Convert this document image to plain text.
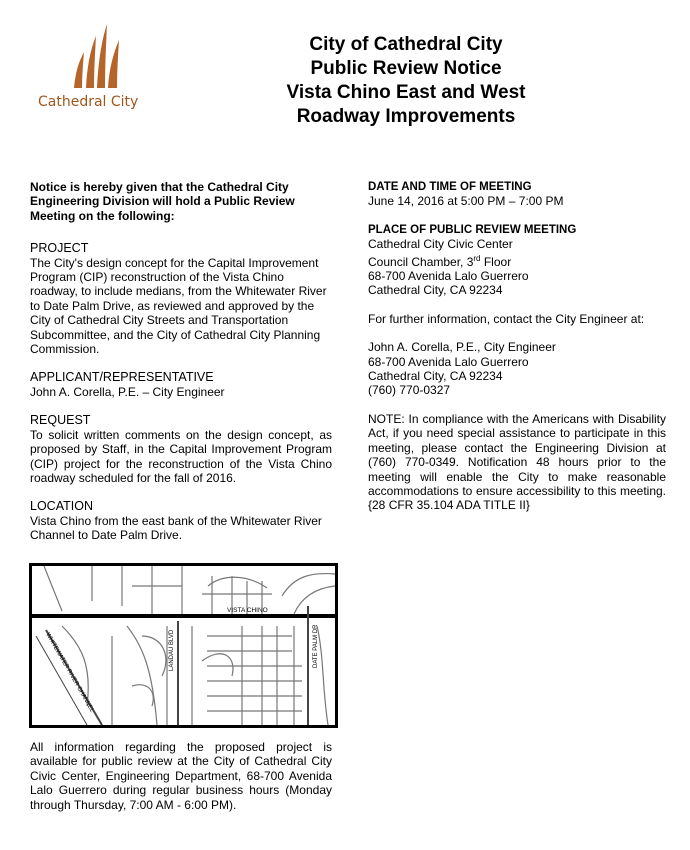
Cathedral City
City of Cathedral City
Public Review Notice
Vista Chino East and West
Roadway Improvements
Notice is hereby given that the Cathedral City Engineering Division will hold a Public Review Meeting on the following:
PROJECT
The City's design concept for the Capital Improvement Program (CIP) reconstruction of the Vista Chino roadway, to include medians, from the Whitewater River to Date Palm Drive, as reviewed and approved by the City of Cathedral City Streets and Transportation Subcommittee, and the City of Cathedral City Planning Commission.
APPLICANT/REPRESENTATIVE
John A. Corella, P.E. – City Engineer
REQUEST
To solicit written comments on the design concept, as proposed by Staff, in the Capital Improvement Program (CIP) project for the reconstruction of the Vista Chino roadway scheduled for the fall of 2016.
LOCATION
Vista Chino from the east bank of the Whitewater River Channel to Date Palm Drive.
VISTA CHINO
LANDAU BLVD	DATE PALM DR
WHITEWATER RIVER CHANNEL
All information regarding the proposed project is available for public review at the City of Cathedral City Civic Center, Engineering Department, 68-700 Avenida Lalo Guerrero during regular business hours (Monday through Thursday, 7:00 AM - 6:00 PM).
DATE AND TIME OF MEETING
June 14, 2016 at 5:00 PM – 7:00 PM
PLACE OF PUBLIC REVIEW MEETING
Cathedral City Civic Center
Council Chamber, 3rd Floor
68-700 Avenida Lalo Guerrero
Cathedral City, CA 92234
For further information, contact the City Engineer at:
John A. Corella, P.E., City Engineer
68-700 Avenida Lalo Guerrero
Cathedral City, CA 92234
(760) 770-0327
NOTE: In compliance with the Americans with Disability Act, if you need special assistance to participate in this meeting, please contact the Engineering Division at (760) 770-0349. Notification 48 hours prior to the meeting will enable the City to make reasonable accommodations to ensure accessibility to this meeting. {28 CFR 35.104 ADA TITLE II}
